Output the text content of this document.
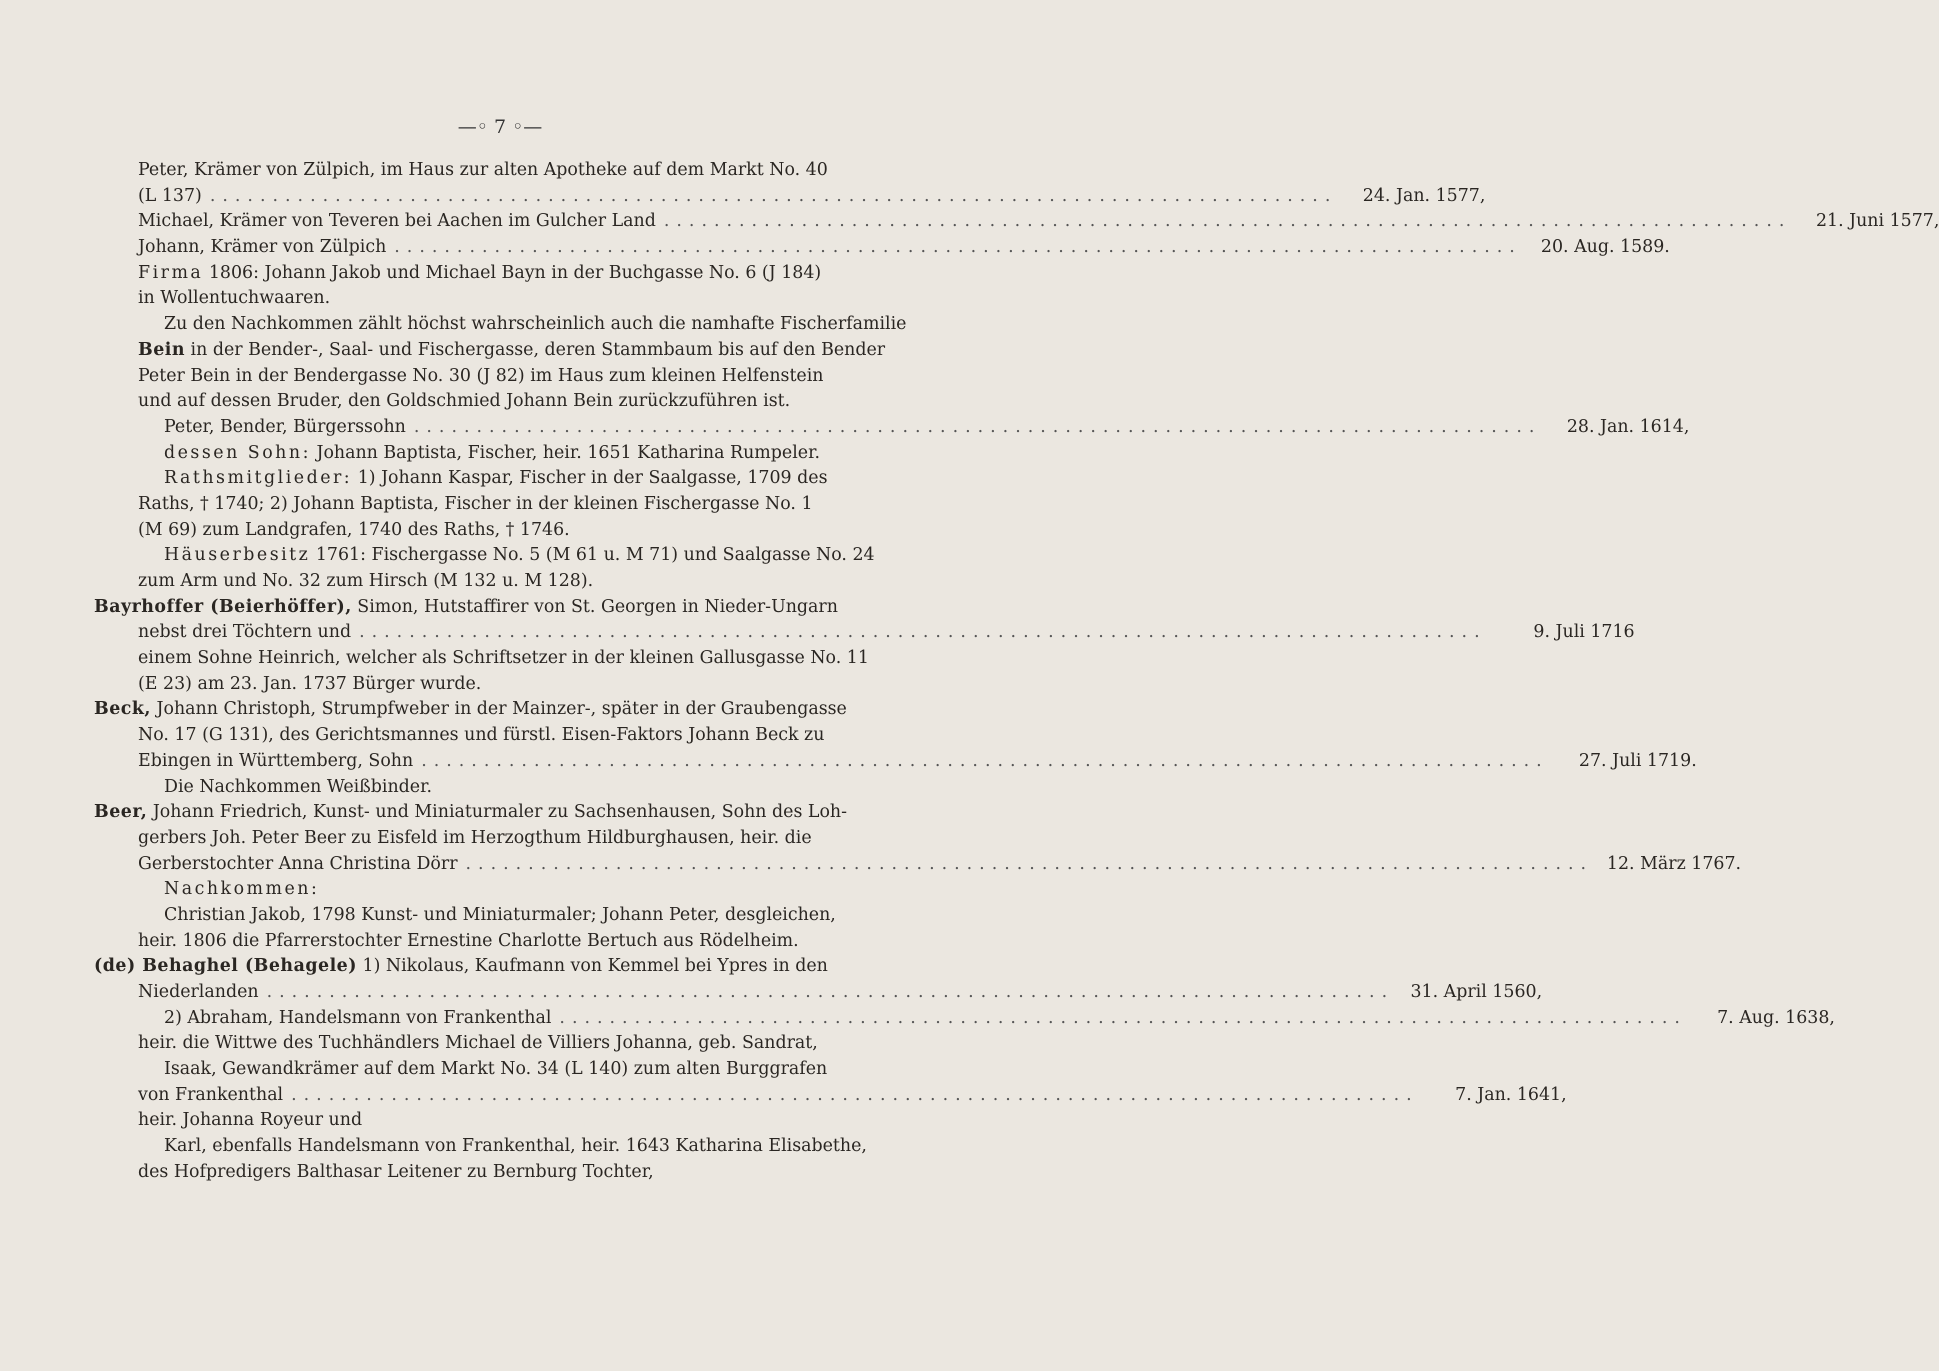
—◦ 7 ◦—
Peter, Krämer von Zülpich, im Haus zur alten Apotheke auf dem Markt No. 40
(L 137) ..........................................................................................	24. Jan. 1577,
Michael, Krämer von Teveren bei Aachen im Gulcher Land ..........................................................................................	21. Juni 1577,
Johann, Krämer von Zülpich ..........................................................................................	20. Aug. 1589.
Firma 1806: Johann Jakob und Michael Bayn in der Buchgasse No. 6 (J 184)
in Wollentuchwaaren.
Zu den Nachkommen zählt höchst wahrscheinlich auch die namhafte Fischerfamilie
Bein in der Bender-, Saal- und Fischergasse, deren Stammbaum bis auf den Bender
Peter Bein in der Bendergasse No. 30 (J 82) im Haus zum kleinen Helfenstein
und auf dessen Bruder, den Goldschmied Johann Bein zurückzuführen ist.
Peter, Bender, Bürgerssohn ..........................................................................................	28. Jan. 1614,
dessen Sohn: Johann Baptista, Fischer, heir. 1651 Katharina Rumpeler.
Rathsmitglieder: 1) Johann Kaspar, Fischer in der Saalgasse, 1709 des
Raths, † 1740; 2) Johann Baptista, Fischer in der kleinen Fischergasse No. 1
(M 69) zum Landgrafen, 1740 des Raths, † 1746.
Häuserbesitz 1761: Fischergasse No. 5 (M 61 u. M 71) und Saalgasse No. 24
zum Arm und No. 32 zum Hirsch (M 132 u. M 128).
Bayrhoffer (Beierhöffer), Simon, Hutstaffirer von St. Georgen in Nieder-Ungarn
nebst drei Töchtern und ..........................................................................................	9. Juli 1716
einem Sohne Heinrich, welcher als Schriftsetzer in der kleinen Gallusgasse No. 11
(E 23) am 23. Jan. 1737 Bürger wurde.
Beck, Johann Christoph, Strumpfweber in der Mainzer-, später in der Graubengasse
No. 17 (G 131), des Gerichtsmannes und fürstl. Eisen-Faktors Johann Beck zu
Ebingen in Württemberg, Sohn ..........................................................................................	27. Juli 1719.
Die Nachkommen Weißbinder.
Beer, Johann Friedrich, Kunst- und Miniaturmaler zu Sachsenhausen, Sohn des Loh-
gerbers Joh. Peter Beer zu Eisfeld im Herzogthum Hildburghausen, heir. die
Gerberstochter Anna Christina Dörr .......................................................................................... 12. März 1767.
Nachkommen:
Christian Jakob, 1798 Kunst- und Miniaturmaler; Johann Peter, desgleichen,
heir. 1806 die Pfarrerstochter Ernestine Charlotte Bertuch aus Rödelheim.
(de) Behaghel (Behagele) 1) Nikolaus, Kaufmann von Kemmel bei Ypres in den
Niederlanden .......................................................................................... 31. April 1560,
2) Abraham, Handelsmann von Frankenthal ..........................................................................................	7. Aug. 1638,
heir. die Wittwe des Tuchhändlers Michael de Villiers Johanna, geb. Sandrat,
Isaak, Gewandkrämer auf dem Markt No. 34 (L 140) zum alten Burggrafen
von Frankenthal ..........................................................................................	7. Jan. 1641,
heir. Johanna Royeur und
Karl, ebenfalls Handelsmann von Frankenthal, heir. 1643 Katharina Elisabethe,
des Hofpredigers Balthasar Leitener zu Bernburg Tochter,
